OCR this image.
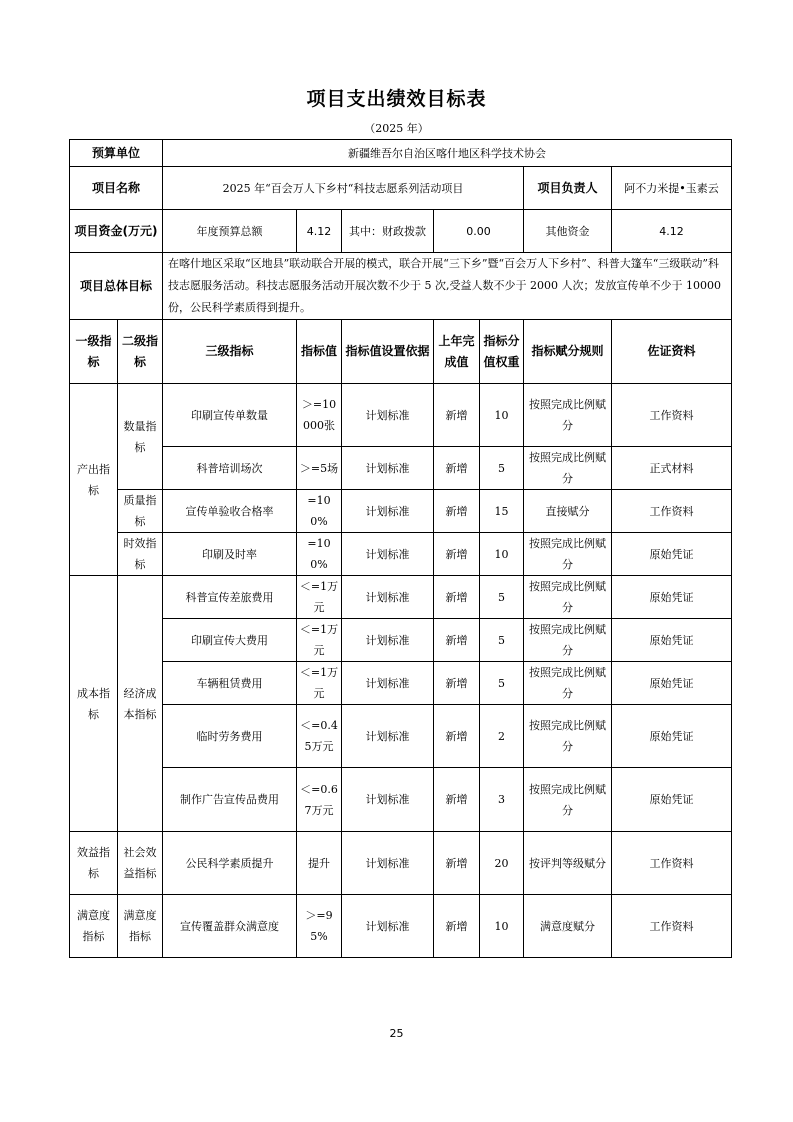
项目支出绩效目标表
（2025 年）
预算单位		新疆维吾尔自治区喀什地区科学技术协会						
项目名称		2025 年“百会万人下乡村“科技志愿系列活动项目					项目负责人	阿不力米提•玉素云
项目资金(万元)		年度预算总额	4.12	其中：财政拨款	0.00		其他资金	4.12
项目总体目标		在喀什地区采取“区地县”联动联合开展的模式，联合开展“三下乡”暨“百会万人下乡村”、科普大篷车“三级联动”科技志愿服务活动。科技志愿服务活动开展次数不少于 5 次,受益人数不少于 2000 人次；发放宣传单不少于 10000 份，公民科学素质得到提升。						
一级指标	二级指标	三级指标	指标值	指标值设置依据	上年完成值	指标分值权重	指标赋分规则	佐证资料
产出指标	数量指标	印刷宣传单数量	＞=10000张	计划标准	新增	10	按照完成比例赋分	工作资料
		科普培训场次	＞=5场	计划标准	新增	5	按照完成比例赋分	正式材料
	质量指标	宣传单验收合格率	=100%	计划标准	新增	15	直接赋分	工作资料
	时效指标	印刷及时率	=100%	计划标准	新增	10	按照完成比例赋分	原始凭证
成本指标	经济成本指标	科普宣传差旅费用	＜=1万元	计划标准	新增	5	按照完成比例赋分	原始凭证
		印刷宣传大费用	＜=1万元	计划标准	新增	5	按照完成比例赋分	原始凭证
		车辆租赁费用	＜=1万元	计划标准	新增	5	按照完成比例赋分	原始凭证
		临时劳务费用	＜=0.45万元	计划标准	新增	2	按照完成比例赋分	原始凭证
		制作广告宣传品费用	＜=0.67万元	计划标准	新增	3	按照完成比例赋分	原始凭证
效益指标	社会效益指标	公民科学素质提升	提升	计划标准	新增	20	按评判等级赋分	工作资料
满意度指标	满意度指标	宣传覆盖群众满意度	＞=95%	计划标准	新增	10	满意度赋分	工作资料
25
